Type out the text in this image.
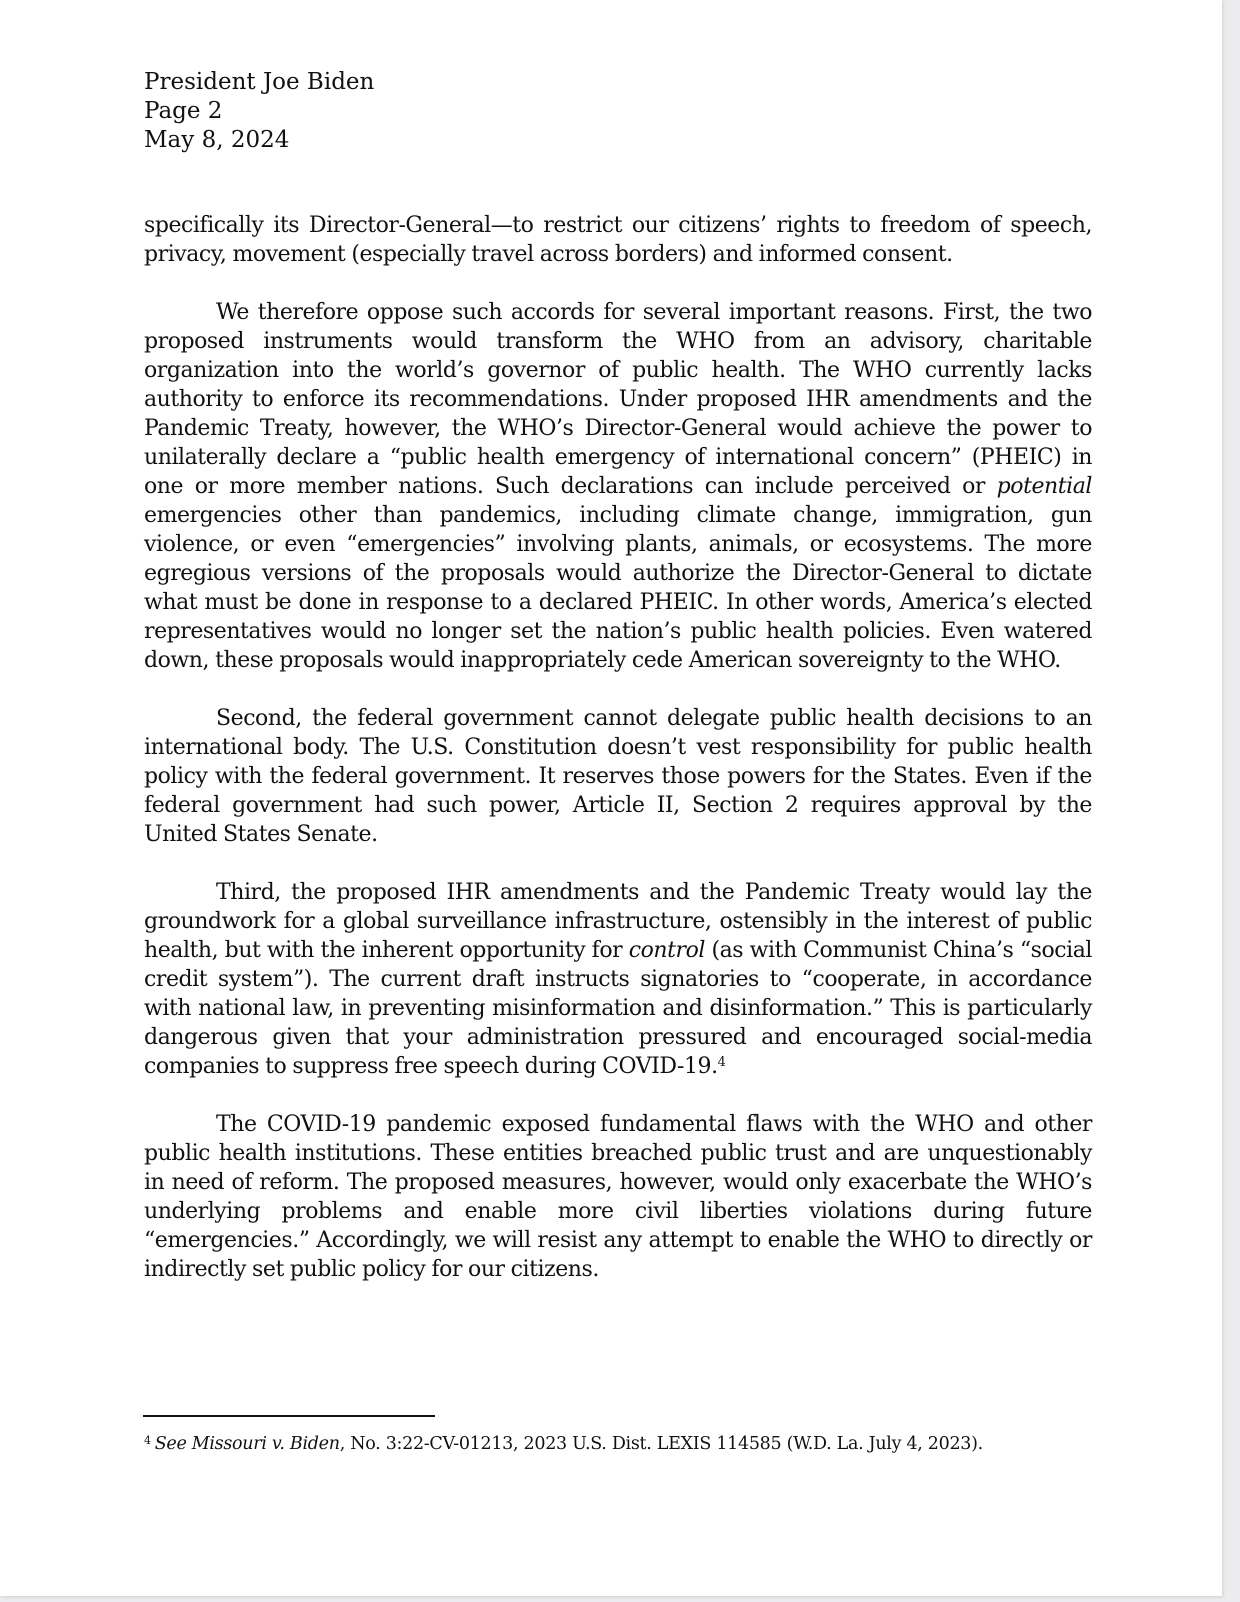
President Joe Biden
Page 2
May 8, 2024

specifically its Director-General—to restrict our citizens’ rights to freedom of speech, privacy, movement (especially travel across borders) and informed consent.

We therefore oppose such accords for several important reasons. First, the two proposed instruments would transform the WHO from an advisory, charitable organization into the world’s governor of public health. The WHO currently lacks authority to enforce its recommendations. Under proposed IHR amendments and the Pandemic Treaty, however, the WHO’s Director-General would achieve the power to unilaterally declare a “public health emergency of international concern” (PHEIC) in one or more member nations. Such declarations can include perceived or potential emergencies other than pandemics, including climate change, immigration, gun violence, or even “emergencies” involving plants, animals, or ecosystems. The more egregious versions of the proposals would authorize the Director-General to dictate what must be done in response to a declared PHEIC. In other words, America’s elected representatives would no longer set the nation’s public health policies. Even watered down, these proposals would inappropriately cede American sovereignty to the WHO.

Second, the federal government cannot delegate public health decisions to an international body. The U.S. Constitution doesn’t vest responsibility for public health policy with the federal government. It reserves those powers for the States. Even if the federal government had such power, Article II, Section 2 requires approval by the United States Senate.

Third, the proposed IHR amendments and the Pandemic Treaty would lay the groundwork for a global surveillance infrastructure, ostensibly in the interest of public health, but with the inherent opportunity for control (as with Communist China’s “social credit system”). The current draft instructs signatories to “cooperate, in accordance with national law, in preventing misinformation and disinformation.” This is particularly dangerous given that your administration pressured and encouraged social-media companies to suppress free speech during COVID-19.$^4$

The COVID-19 pandemic exposed fundamental flaws with the WHO and other public health institutions. These entities breached public trust and are unquestionably in need of reform. The proposed measures, however, would only exacerbate the WHO’s underlying problems and enable more civil liberties violations during future “emergencies.” Accordingly, we will resist any attempt to enable the WHO to directly or indirectly set public policy for our citizens.

$^4$ See Missouri v. Biden, No. 3:22-CV-01213, 2023 U.S. Dist. LEXIS 114585 (W.D. La. July 4, 2023).
